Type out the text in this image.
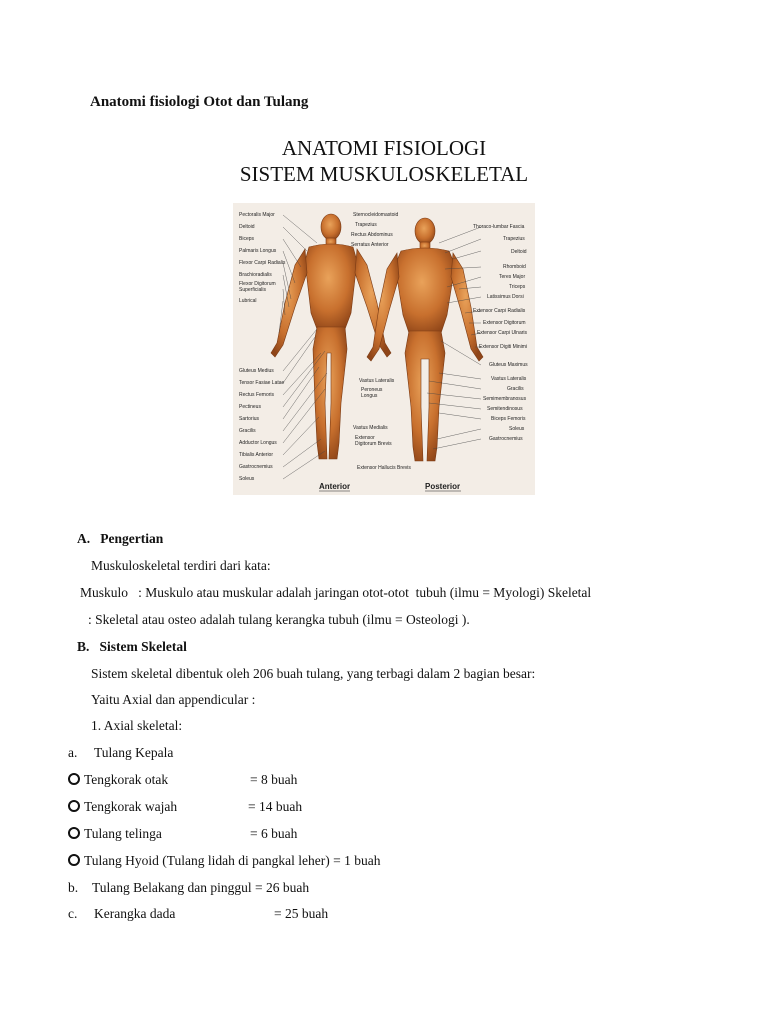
Anatomi fisiologi Otot dan Tulang
ANATOMI FISIOLOGI
SISTEM MUSKULOSKELETAL
Pectoralis Major
Deltoid
Biceps
Palmaris Longus
Flexor Carpi Radialis
Brachioradialis
Flexor Digitorum
Superficialis
Lubrical
Gluteus Medius
Tensor Fasiae Latae
Rectus Femoris
Pectineus
Sartorius
Gracilis
Adductor Longus
Tibialis Anterior
Gastrocnemius
Soleus
Sternocleidomastoid
Trapezius
Rectus Abdominus
Serratus Anterior
Vastus Lateralis
Peroneus
Longus
Vastus Medialis
Extensor
Digitorum Brevis
Extensor Hallucis Brevis
Thoraco-lumbar Fascia
Trapezius
Deltoid
Rhomboid
Teres Major
Triceps
Latissimus Dorsi
Extensor Carpi Radialis
Extensor Digitorum
Extensor Carpi Ulnaris
Extensor Digiti Minimi
Gluteus Maximus
Vastus Lateralis
Gracilis
Semimembranosus
Semitendinosus
Biceps Femoris
Soleus
Gastrocnemius
Anterior	Posterior
A.   Pengertian
Muskuloskeletal terdiri dari kata:
Muskulo   : Muskulo atau muskular adalah jaringan otot-otot  tubuh (ilmu = Myologi) Skeletal
: Skeletal atau osteo adalah tulang kerangka tubuh (ilmu = Osteologi ).
B.   Sistem Skeletal
Sistem skeletal dibentuk oleh 206 buah tulang, yang terbagi dalam 2 bagian besar:
Yaitu Axial dan appendicular :
1. Axial skeletal:
a. Tulang Kepala
Tengkorak otak	= 8 buah
Tengkorak wajah	= 14 buah
Tulang telinga	= 6 buah
Tulang Hyoid (Tulang lidah di pangkal leher) = 1 buah
b. Tulang Belakang dan pinggul = 26 buah
c. Kerangka dada	= 25 buah
